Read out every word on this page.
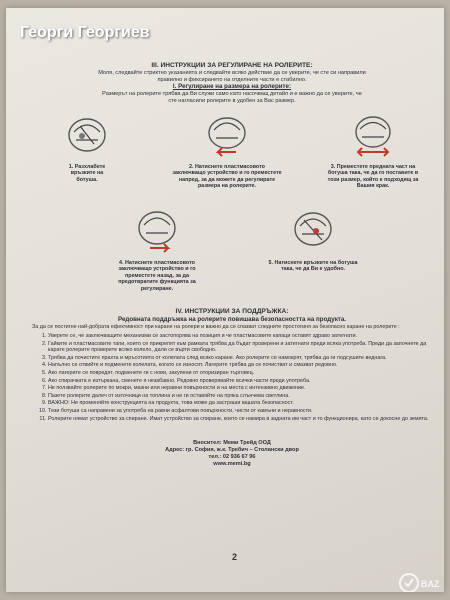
Георги Георгиев
III. ИНСТРУКЦИИ ЗА РЕГУЛИРАНЕ НА РОЛЕРИТЕ:
Моля, следвайте стриктно указанията и следвайте всяко действие да се уверите, че сте си направили
правилно и фиксирането на отделните части е стабилно.
I. Регулиране на размера на ролерите:
Размерът на ролерите трябва да Ви служи само като насочващ детайл и е важно да се уверите, че
сте нагласили ролерите в удобен за Вас размер.
1. Разхлабете
връзките на
ботуша.
2. Натиснете пластмасовото
заключващо устройство и го преместете
напред, за да можете да регулирате
размера на ролерите.
3. Преместете предната част на
ботуша така, че да го поставите в
този размер, който е подходящ за
Вашия крак.
4. Натиснете пластмасовото
заключващо устройство и го
преместете назад, за да
предотвратите функцията за
регулиране.
5. Натиснете връзките на ботуша
така, че да Ви е удобно.
IV. ИНСТРУКЦИИ ЗА ПОДДРЪЖКА:
Редовната поддръжка на ролерите повишава безопасността на продукта.
За да се постигне най-добрата ефективност при каране на ролери и важно да се спазват следните простотиня за безопасно каране на ролерите :
1. Уверете се, че заключващите механизми се застопорява на позиция и че пластмасовите капаци оставят здраво затегнати.
2. Гайките и пластмасовите тапи, които се прикрепят към рамката трябва да бъдат проверени и затегнати преди всяка употреба. Преди да започнете да карате ролерите проверете всяко колело, дали се върти свободно.
3. Трябва да почистите прахта и мръсотията от колелата след всяко каране. Ако ролерите се намокрят, трябва да ги подсушите веднага.
4. Напълно се отвийте и подменете колелата, когато се износят. Лагерите трябва да се почистват и смазват редовно.
5. Ако лагерите се повредят, подменете ги с нови, закупени от оторизиран търговец.
6. Ако спирачката е изтъркана, сменете я незабавно. Редовно проверявайте всички части преди употреба.
7. Не ползвайте ролерите по мокри, мазни или неравни повърхности и на места с интензивно движение.
8. Пазете ролерите далеч от източници на топлина и не ги оставяйте на пряка слънчева светлина.
9. ВАЖНО: Не променяйте конструкцията на продукта, това може да застраши вашата безопасност.
10. Тези ботуши са направени за употреба на равни асфалтови повърхности, чисти от камъни и неравности.
11. Ролерите нямат устройство за спиране. Имат устройство за спиране, което се намира в задната им част и то функционира, като се докосне до земята.
Вносител: Меми Трейд ООД
Адрес: гр. София, ж.к. Требич – Столански двор
тел.: 02 936 67 96
www.memi.bg
2
BAZ
